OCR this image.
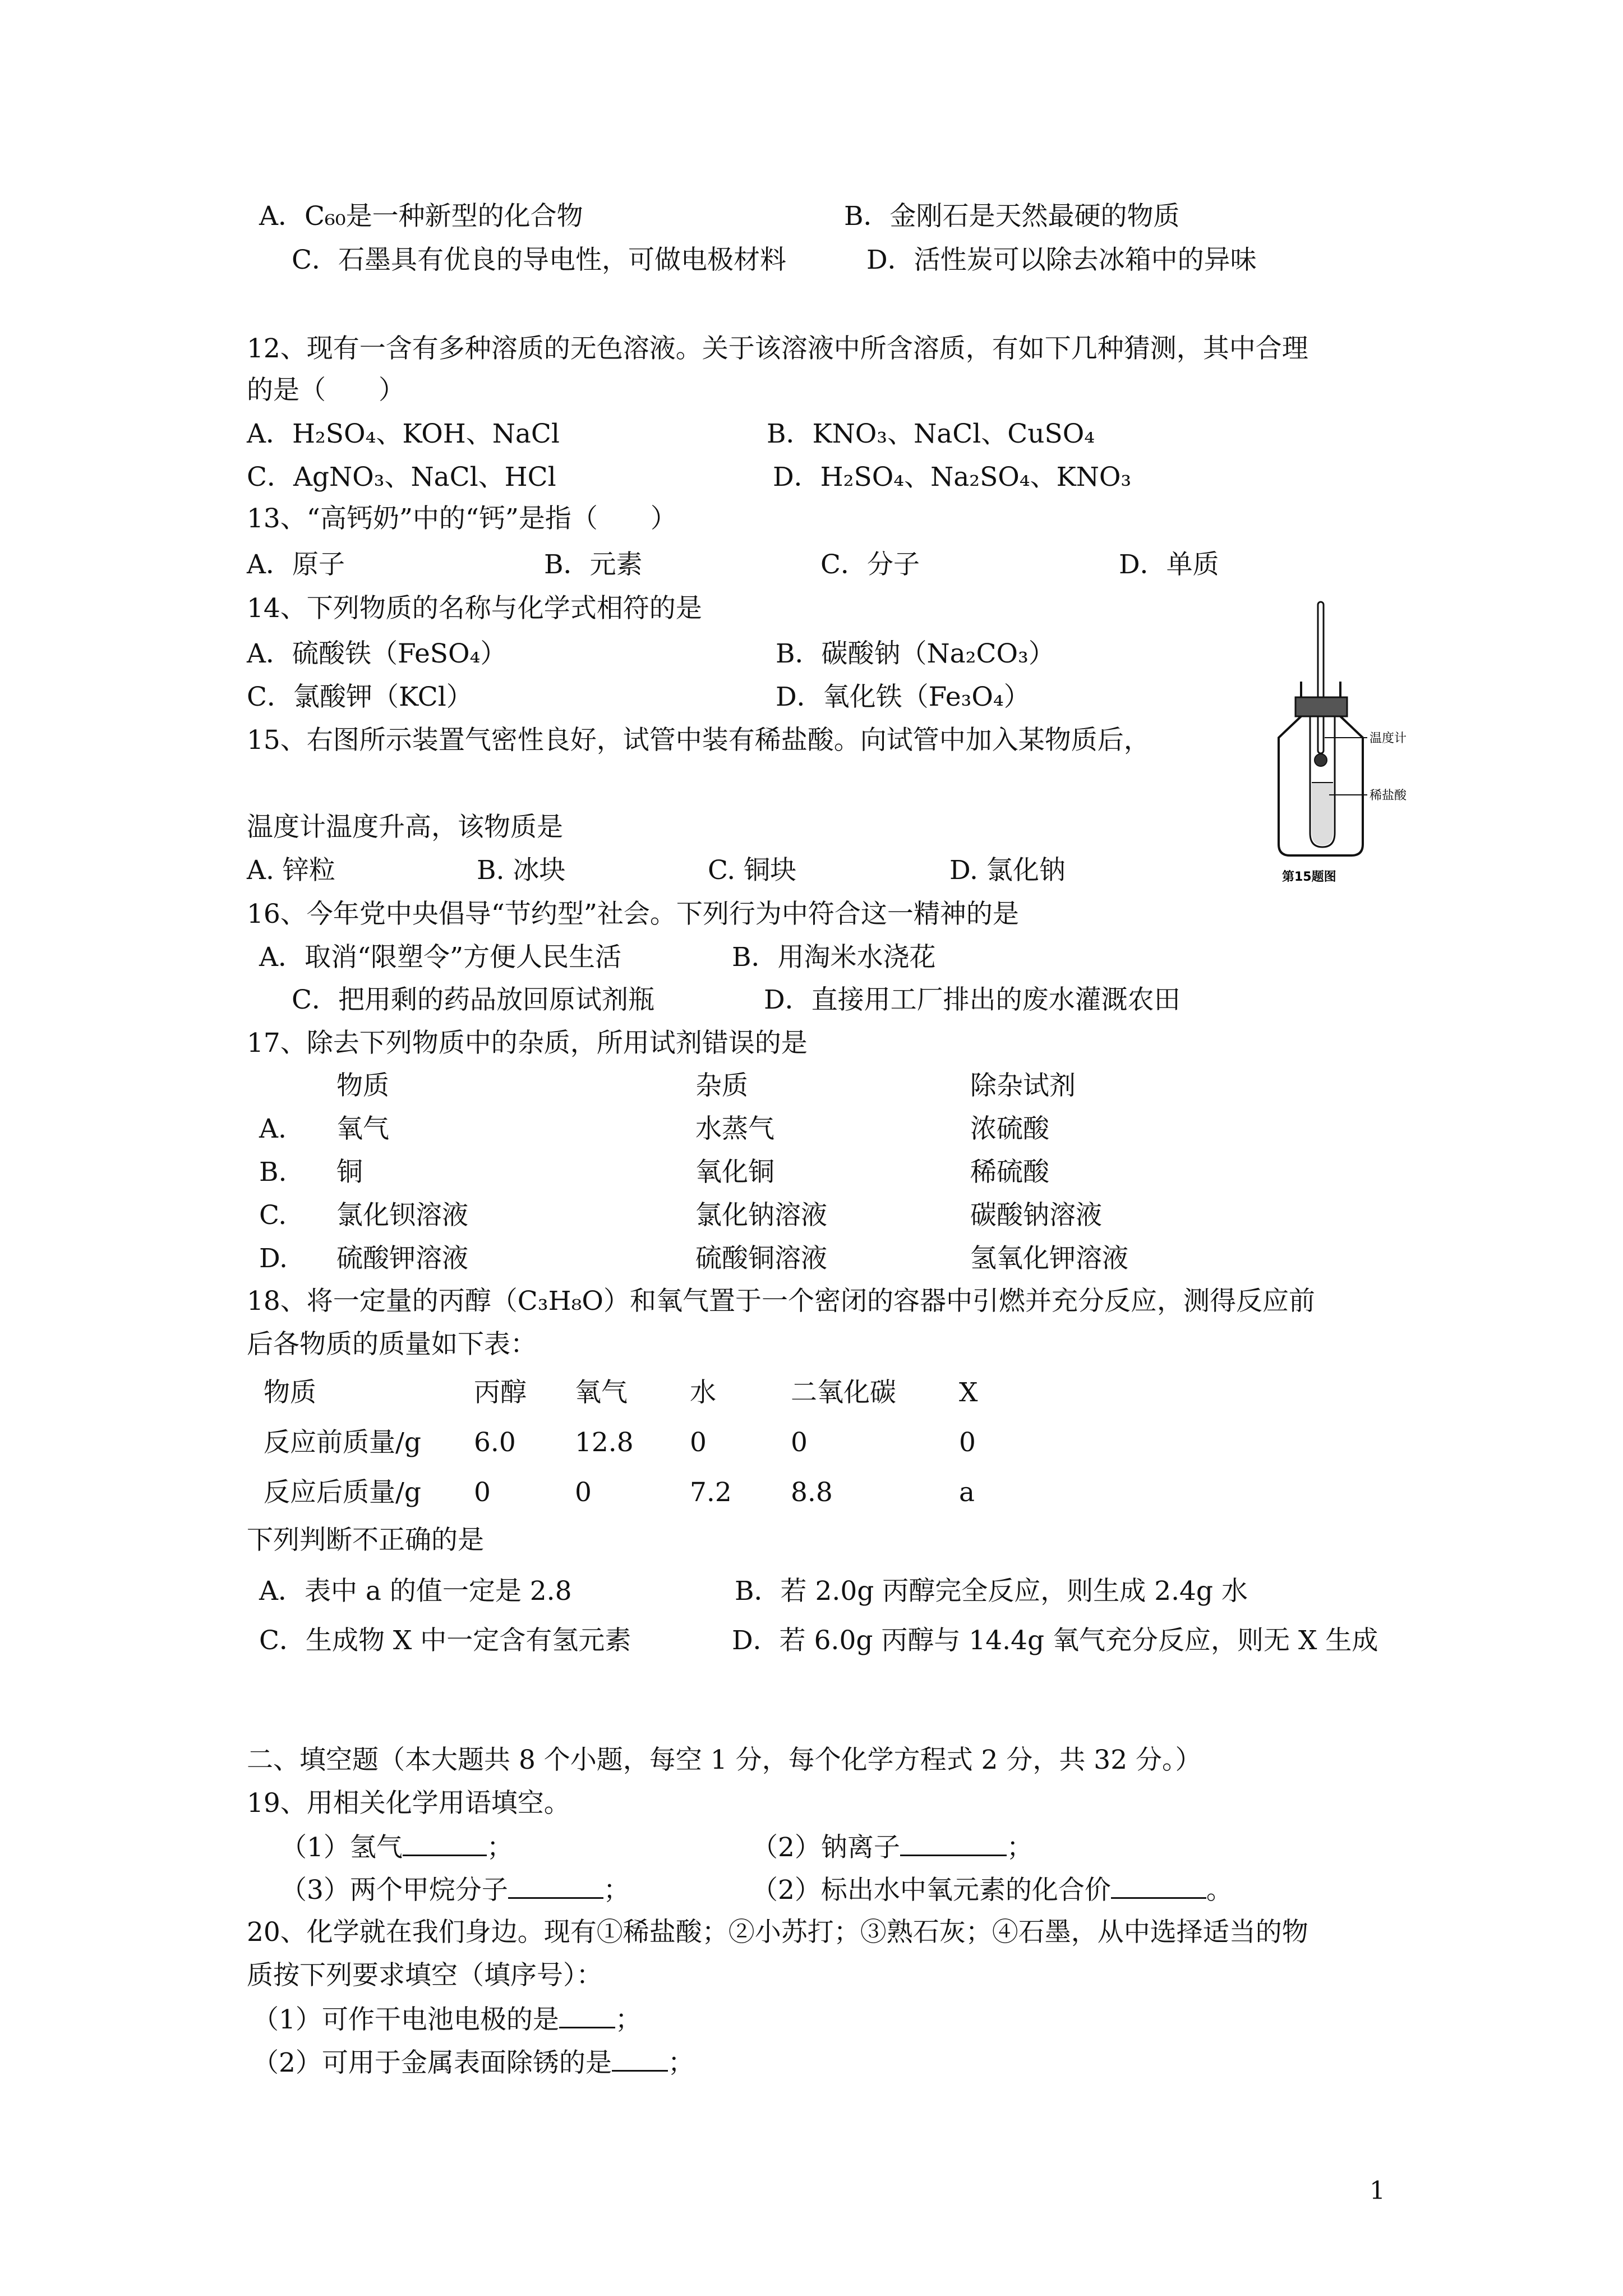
A．C₆₀是一种新型的化合物	B．金刚石是天然最硬的物质
C．石墨具有优良的导电性，可做电极材料	D．活性炭可以除去冰箱中的异味
12、现有一含有多种溶质的无色溶液。关于该溶液中所含溶质，有如下几种猜测，其中合理
的是（　　）
A．H₂SO₄、KOH、NaCl	B．KNO₃、NaCl、CuSO₄
C．AgNO₃、NaCl、HCl	D．H₂SO₄、Na₂SO₄、KNO₃
13、“高钙奶”中的“钙”是指（　　）
A．原子	B．元素	C．分子	D．单质
14、下列物质的名称与化学式相符的是
A．硫酸铁（FeSO₄）	B．碳酸钠（Na₂CO₃）
C．氯酸钾（KCl）	D．氧化铁（Fe₃O₄）
15、右图所示装置气密性良好，试管中装有稀盐酸。向试管中加入某物质后，
温度计温度升高，该物质是
A. 锌粒	B. 冰块	C. 铜块	D. 氯化钠
温度计
稀盐酸
第15题图
16、今年党中央倡导“节约型”社会。下列行为中符合这一精神的是
A．取消“限塑令”方便人民生活	B．用淘米水浇花
C．把用剩的药品放回原试剂瓶	D．直接用工厂排出的废水灌溉农田
17、除去下列物质中的杂质，所用试剂错误的是
物质	杂质	除杂试剂
A. 氧气	水蒸气	浓硫酸
B. 铜	氧化铜	稀硫酸
C. 氯化钡溶液	氯化钠溶液	碳酸钠溶液
D. 硫酸钾溶液	硫酸铜溶液	氢氧化钾溶液
18、将一定量的丙醇（C₃H₈O）和氧气置于一个密闭的容器中引燃并充分反应，测得反应前
后各物质的质量如下表：
物质	丙醇 氧气 水	二氧化碳 X
反应前质量/g 6.0 12.8 0	0	0
反应后质量/g 0	0	7.2 8.8	a
下列判断不正确的是
A．表中 a 的值一定是 2.8	B．若 2.0g 丙醇完全反应，则生成 2.4g 水
C．生成物 X 中一定含有氢元素	D．若 6.0g 丙醇与 14.4g 氧气充分反应，则无 X 生成
二、填空题（本大题共 8 个小题，每空 1 分，每个化学方程式 2 分，共 32 分。）
19、用相关化学用语填空。
（1）氢气	；	（2）钠离子	；
（3）两个甲烷分子	；	（2）标出水中氧元素的化合价	。
20、化学就在我们身边。现有①稀盐酸；②小苏打；③熟石灰；④石墨，从中选择适当的物
质按下列要求填空（填序号）：
（1）可作干电池电极的是 ；
（2）可用于金属表面除锈的是 ；
1
